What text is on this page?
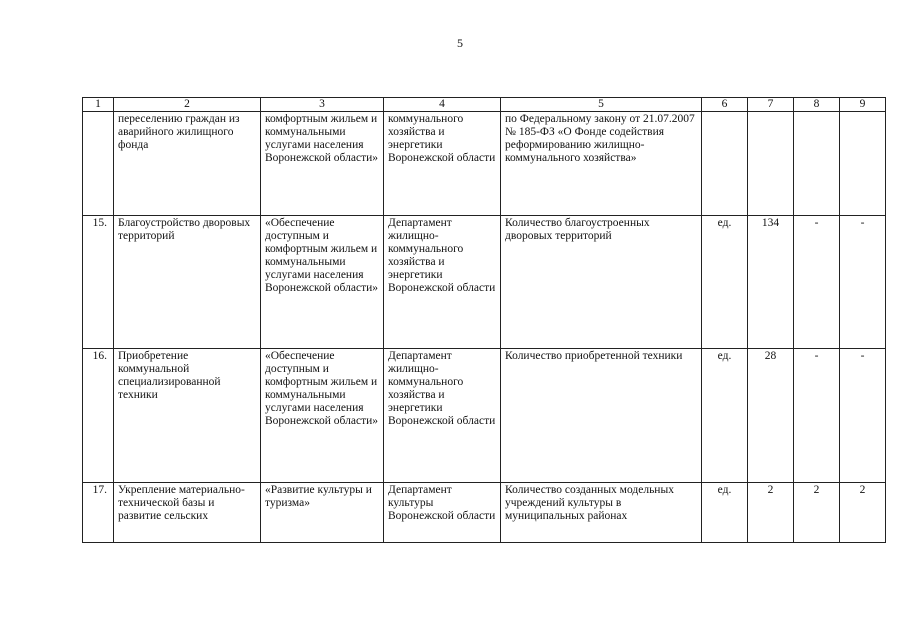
5
1	2	3	4	5	6	7	8	9
	переселению граждан из аварийного жилищного фонда	комфортным жильем и коммунальными услугами населения Воронежской области»	коммунального хозяйства и энергетики Воронежской области	по Федеральному закону от 21.07.2007 № 185-ФЗ «О Фонде содействия реформированию жилищно-коммунального хозяйства»				
15.	Благоустройство дворовых территорий	«Обеспечение доступным и комфортным жильем и коммунальными услугами населения Воронежской области»	Департамент жилищно-коммунального хозяйства и энергетики Воронежской области	Количество благоустроенных дворовых территорий	ед.	134	-	-
16.	Приобретение коммунальной специализированной техники	«Обеспечение доступным и комфортным жильем и коммунальными услугами населения Воронежской области»	Департамент жилищно-коммунального хозяйства и энергетики Воронежской области	Количество приобретенной техники	ед.	28	-	-
17.	Укрепление материально-технической базы и развитие сельских	«Развитие культуры и туризма»	Департамент культуры Воронежской области	Количество созданных модельных учреждений культуры в муниципальных районах	ед.	2	2	2
